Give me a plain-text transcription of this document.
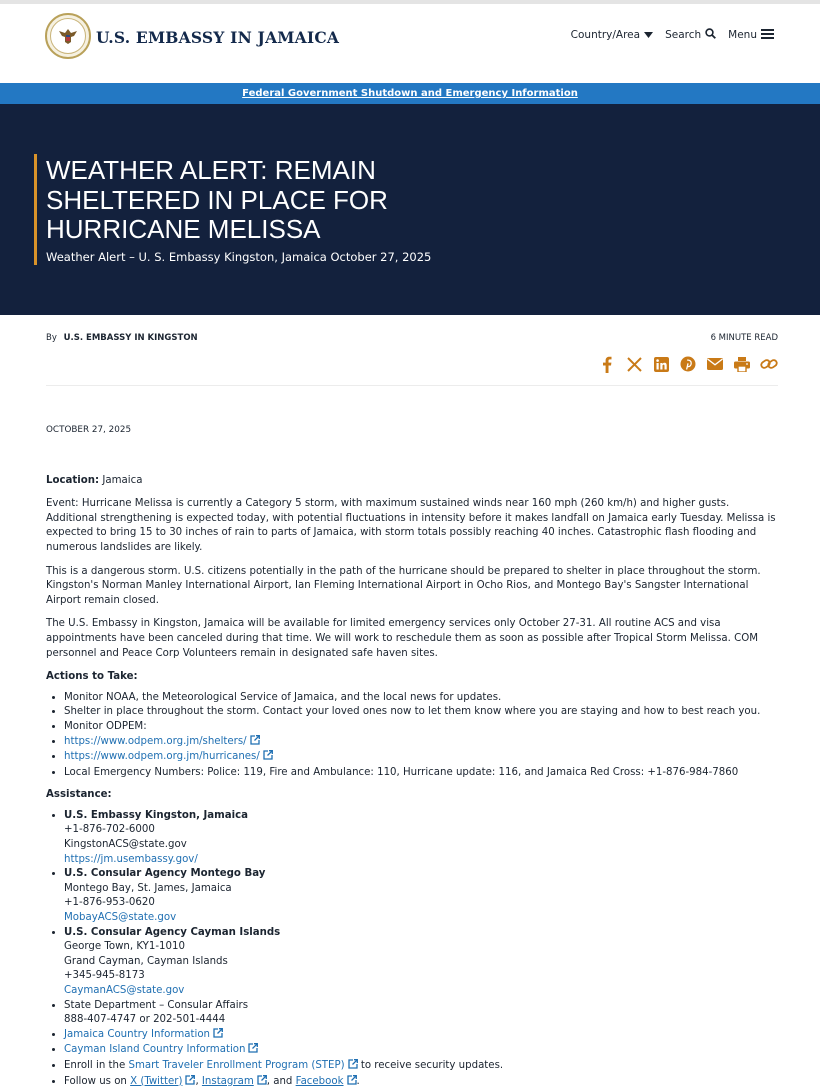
U.S. EMBASSY IN JAMAICA	Country/Area Search	Menu
Federal Government Shutdown and Emergency Information
WEATHER ALERT: REMAIN SHELTERED IN PLACE FOR HURRICANE MELISSA
Weather Alert – U. S. Embassy Kingston, Jamaica October 27, 2025
By U.S. EMBASSY IN KINGSTON	6 MINUTE READ
OCTOBER 27, 2025

Location: Jamaica

Event: Hurricane Melissa is currently a Category 5 storm, with maximum sustained winds near 160 mph (260 km/h) and higher gusts. Additional strengthening is expected today, with potential fluctuations in intensity before it makes landfall on Jamaica early Tuesday. Melissa is expected to bring 15 to 30 inches of rain to parts of Jamaica, with storm totals possibly reaching 40 inches. Catastrophic flash flooding and numerous landslides are likely.

This is a dangerous storm. U.S. citizens potentially in the path of the hurricane should be prepared to shelter in place throughout the storm. Kingston's Norman Manley International Airport, Ian Fleming International Airport in Ocho Rios, and Montego Bay's Sangster International Airport remain closed.

The U.S. Embassy in Kingston, Jamaica will be available for limited emergency services only October 27-31. All routine ACS and visa appointments have been canceled during that time. We will work to reschedule them as soon as possible after Tropical Storm Melissa. COM personnel and Peace Corp Volunteers remain in designated safe haven sites.

Actions to Take:
• Monitor NOAA, the Meteorological Service of Jamaica, and the local news for updates.
• Shelter in place throughout the storm. Contact your loved ones now to let them know where you are staying and how to best reach you.
• Monitor ODPEM:
• https://www.odpem.org.jm/shelters/
• https://www.odpem.org.jm/hurricanes/
• Local Emergency Numbers: Police: 119, Fire and Ambulance: 110, Hurricane update: 116, and Jamaica Red Cross: +1-876-984-7860
Assistance:
• U.S. Embassy Kingston, Jamaica
+1-876-702-6000
KingstonACS@state.gov
https://jm.usembassy.gov/
• U.S. Consular Agency Montego Bay
Montego Bay, St. James, Jamaica
+1-876-953-0620
MobayACS@state.gov
• U.S. Consular Agency Cayman Islands
George Town, KY1-1010
Grand Cayman, Cayman Islands
+345-945-8173
CaymanACS@state.gov
• State Department – Consular Affairs
888-407-4747 or 202-501-4444
• Jamaica Country Information
• Cayman Island Country Information
• Enroll in the Smart Traveler Enrollment Program (STEP) to receive security updates.
• Follow us on X (Twitter) , Instagram , and Facebook .
